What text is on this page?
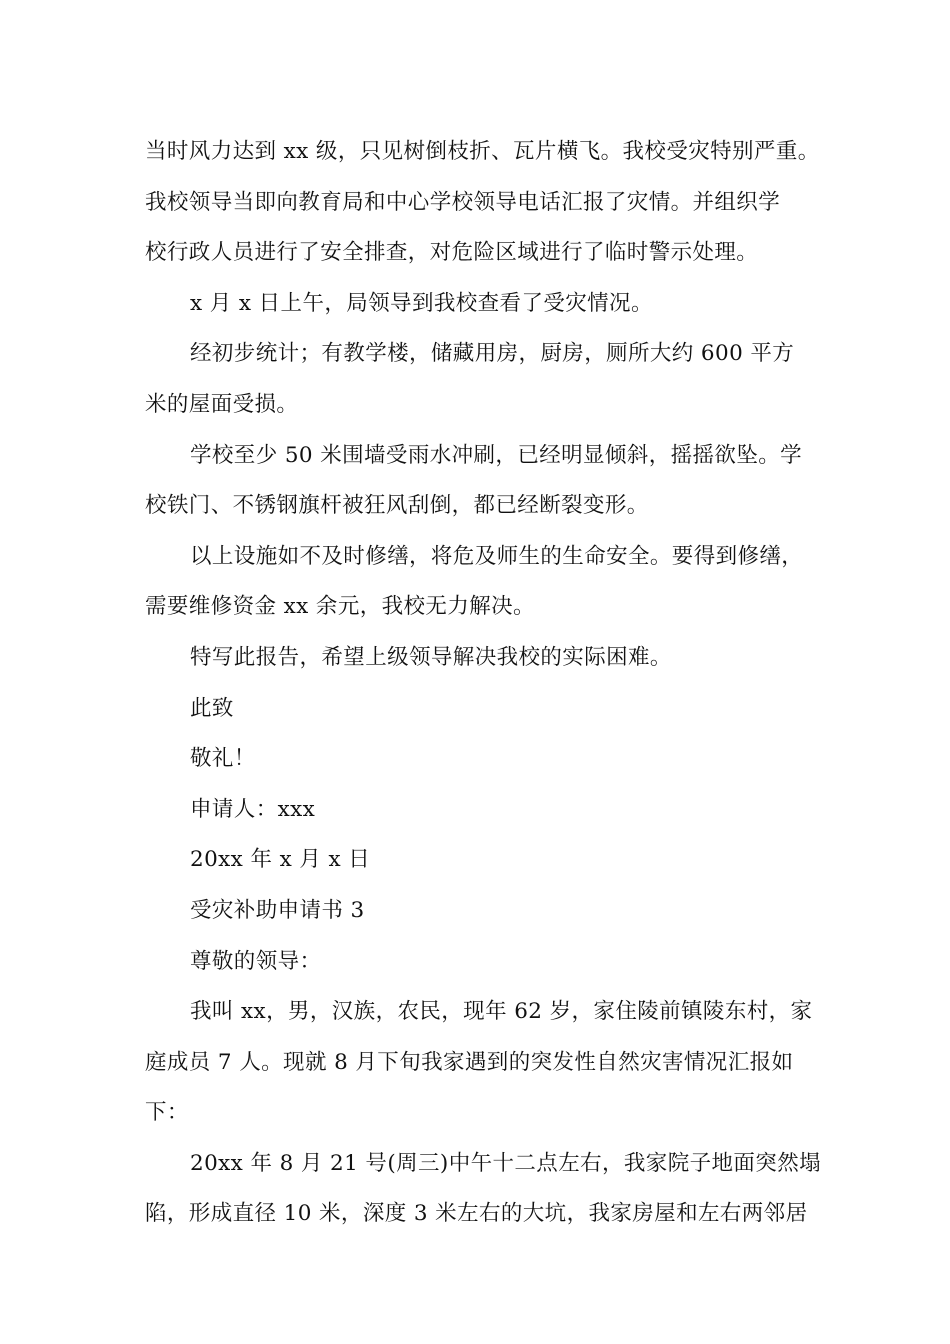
当时风力达到 xx 级，只见树倒枝折、瓦片横飞。我校受灾特别严重。
我校领导当即向教育局和中心学校领导电话汇报了灾情。并组织学
校行政人员进行了安全排查，对危险区域进行了临时警示处理。
x 月 x 日上午，局领导到我校查看了受灾情况。
经初步统计；有教学楼，储藏用房，厨房，厕所大约 600 平方
米的屋面受损。
学校至少 50 米围墙受雨水冲刷，已经明显倾斜，摇摇欲坠。学
校铁门、不锈钢旗杆被狂风刮倒，都已经断裂变形。
以上设施如不及时修缮，将危及师生的生命安全。要得到修缮，
需要维修资金 xx 余元，我校无力解决。
特写此报告，希望上级领导解决我校的实际困难。
此致
敬礼！
申请人：xxx
20xx 年 x 月 x 日
受灾补助申请书 3
尊敬的领导：
我叫 xx，男，汉族，农民，现年 62 岁，家住陵前镇陵东村，家
庭成员 7 人。现就 8 月下旬我家遇到的突发性自然灾害情况汇报如
下：
20xx 年 8 月 21 号(周三)中午十二点左右，我家院子地面突然塌
陷，形成直径 10 米，深度 3 米左右的大坑，我家房屋和左右两邻居
